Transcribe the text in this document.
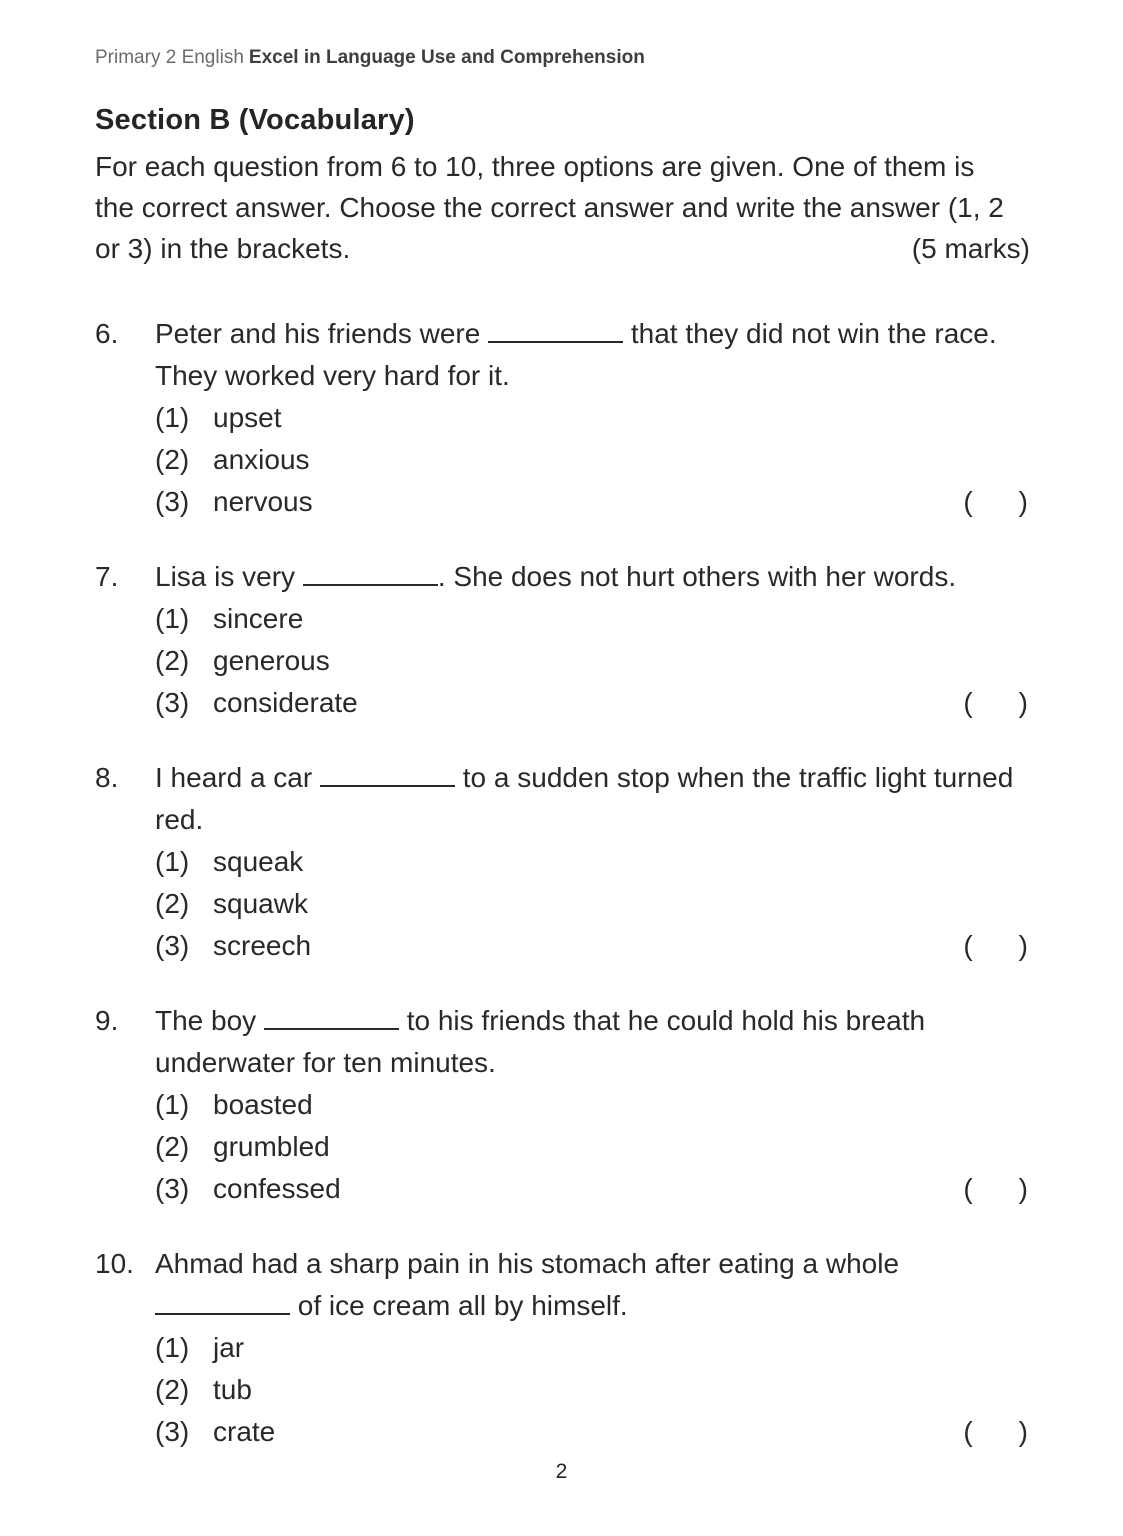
Primary 2 English Excel in Language Use and Comprehension
Section B (Vocabulary)
For each question from 6 to 10, three options are given. One of them is
the correct answer. Choose the correct answer and write the answer (1, 2
or 3) in the brackets.	(5 marks)
6.	Peter and his friends were	that they did not win the race. They worked very hard for it.
(1) upset
(2) anxious
(3) nervous	( )
7.	Lisa is very	. She does not hurt others with her words.
(1) sincere
(2) generous
(3) considerate	( )
8.	I heard a car	to a sudden stop when the traffic light turned red.
(1) squeak
(2) squawk
(3) screech	( )
9.	The boy	to his friends that he could hold his breath underwater for ten minutes.
(1) boasted
(2) grumbled
(3) confessed	( )
10. Ahmad had a sharp pain in his stomach after eating a whole  of ice cream all by himself.
(1) jar
(2) tub
(3) crate	( )
2
